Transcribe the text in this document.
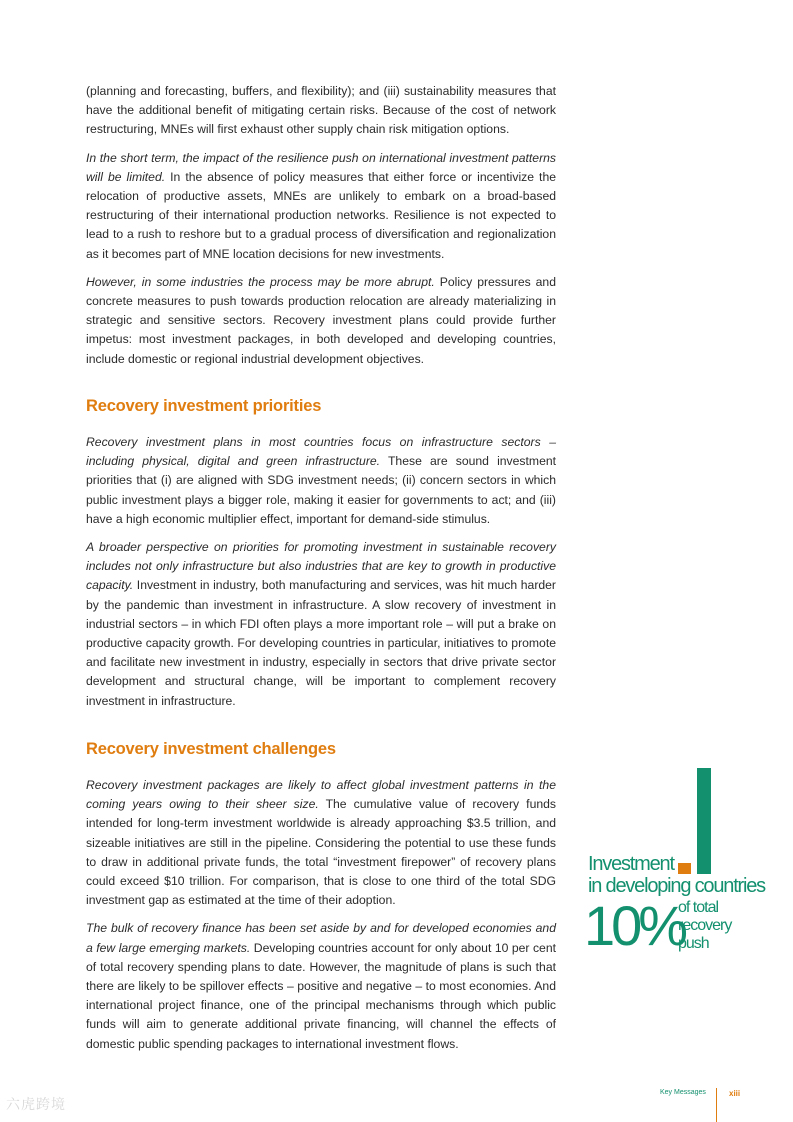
(planning and forecasting, buffers, and flexibility); and (iii) sustainability measures that have the additional benefit of mitigating certain risks. Because of the cost of network restructuring, MNEs will first exhaust other supply chain risk mitigation options.

In the short term, the impact of the resilience push on international investment patterns will be limited. In the absence of policy measures that either force or incentivize the relocation of productive assets, MNEs are unlikely to embark on a broad-based restructuring of their international production networks. Resilience is not expected to lead to a rush to reshore but to a gradual process of diversification and regionalization as it becomes part of MNE location decisions for new investments.

However, in some industries the process may be more abrupt. Policy pressures and concrete measures to push towards production relocation are already materializing in strategic and sensitive sectors. Recovery investment plans could provide further impetus: most investment packages, in both developed and developing countries, include domestic or regional industrial development objectives.

Recovery investment priorities

Recovery investment plans in most countries focus on infrastructure sectors – including physical, digital and green infrastructure. These are sound investment priorities that (i) are aligned with SDG investment needs; (ii) concern sectors in which public investment plays a bigger role, making it easier for governments to act; and (iii) have a high economic multiplier effect, important for demand-side stimulus.

A broader perspective on priorities for promoting investment in sustainable recovery includes not only infrastructure but also industries that are key to growth in productive capacity. Investment in industry, both manufacturing and services, was hit much harder by the pandemic than investment in infrastructure. A slow recovery of investment in industrial sectors – in which FDI often plays a more important role – will put a brake on productive capacity growth. For developing countries in particular, initiatives to promote and facilitate new investment in industry, especially in sectors that drive private sector development and structural change, will be important to complement recovery investment in infrastructure.

Recovery investment challenges

Recovery investment packages are likely to affect global investment patterns in the coming years owing to their sheer size. The cumulative value of recovery funds intended for long-term investment worldwide is already approaching $3.5 trillion, and sizeable initiatives are still in the pipeline. Considering the potential to use these funds to draw in additional private funds, the total “investment firepower” of recovery plans could exceed $10 trillion. For comparison, that is close to one third of the total SDG investment gap as estimated at the time of their adoption.

The bulk of recovery finance has been set aside by and for developed economies and a few large emerging markets. Developing countries account for only about 10 per cent of total recovery spending plans to date. However, the magnitude of plans is such that there are likely to be spillover effects – positive and negative – to most economies. And international project finance, one of the principal mechanisms through which public funds will aim to generate additional private financing, will channel the effects of domestic public spending packages to international investment flows.

Investment
in developing countries
10%
of total
recovery
push
Key Messages	xiii
六虎跨境
